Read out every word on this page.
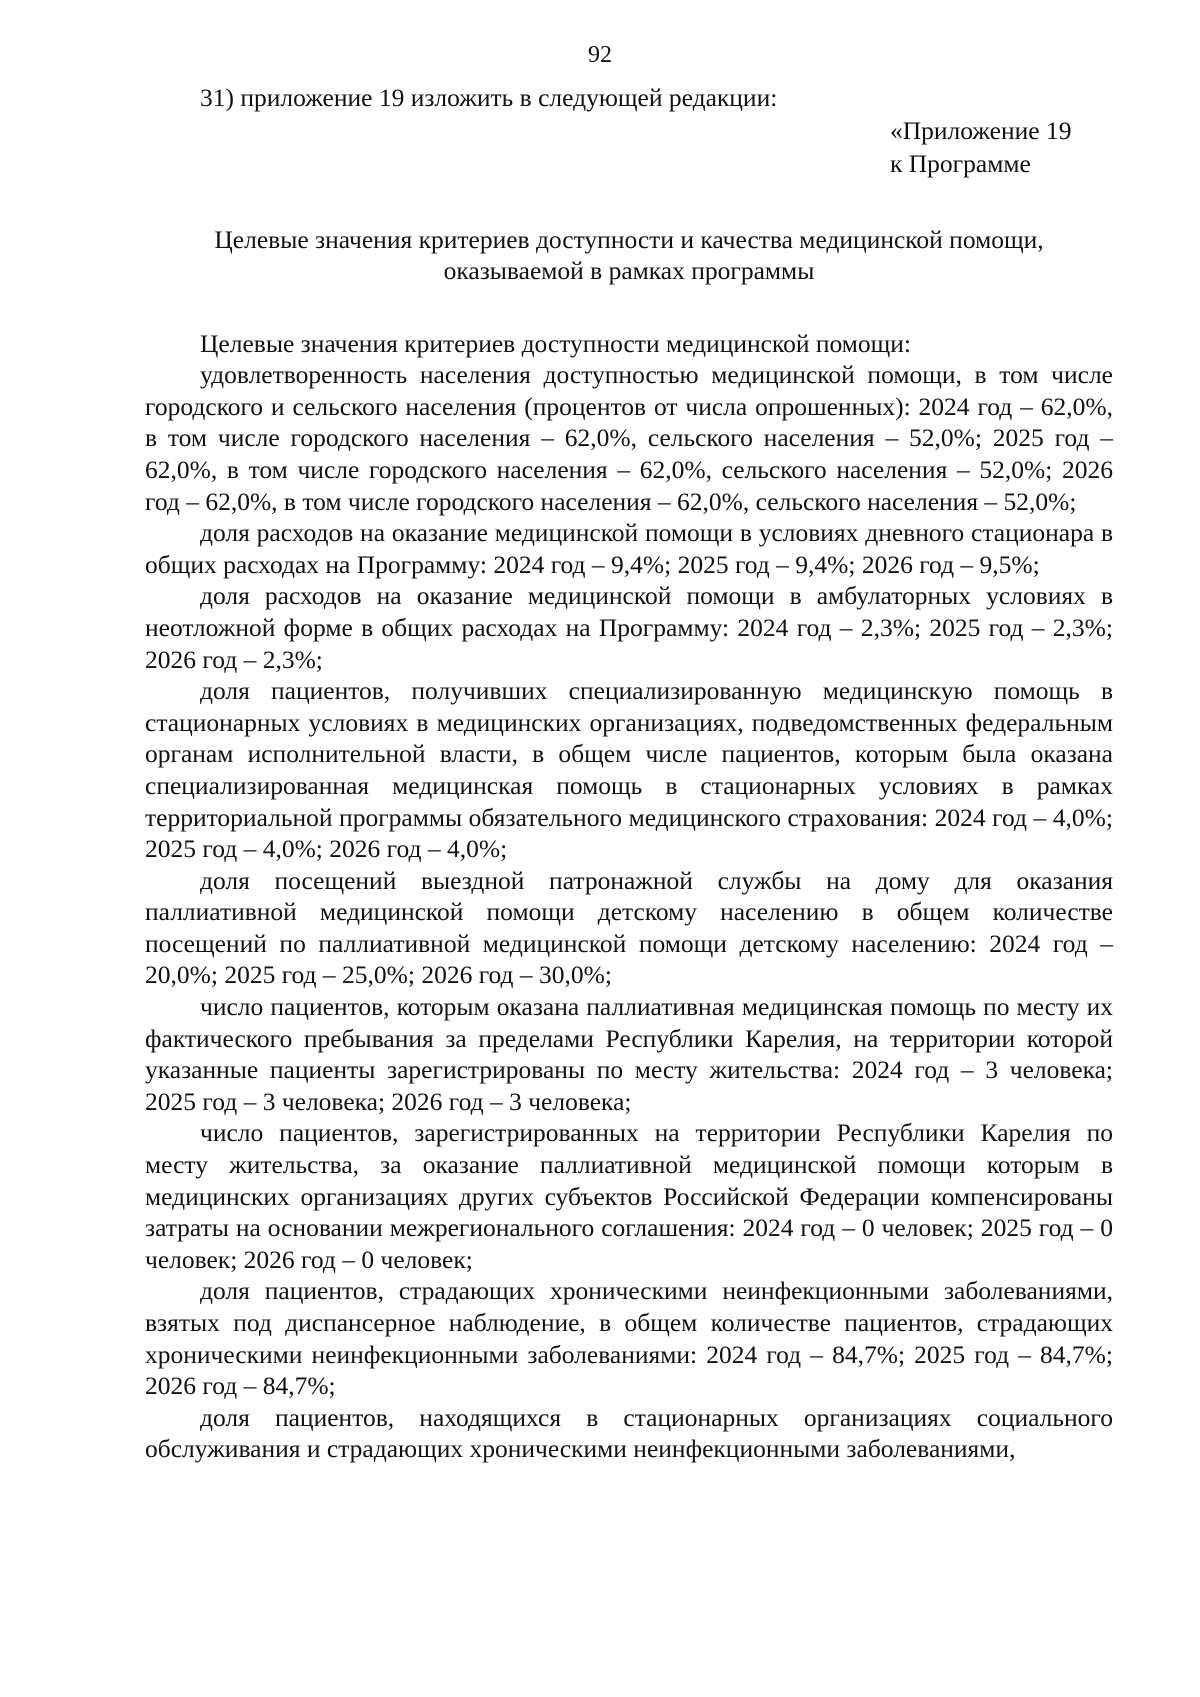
92

31) приложение 19 изложить в следующей редакции:

«Приложение 19
к Программе
Целевые значения критериев доступности и качества медицинской помощи,
оказываемой в рамках программы

Целевые значения критериев доступности медицинской помощи:

удовлетворенность населения доступностью медицинской помощи, в том числе городского и сельского населения (процентов от числа опрошенных): 2024 год – 62,0%, в том числе городского населения – 62,0%, сельского населения – 52,0%; 2025 год – 62,0%, в том числе городского населения – 62,0%, сельского населения – 52,0%; 2026 год – 62,0%, в том числе городского населения – 62,0%, сельского населения – 52,0%;

доля расходов на оказание медицинской помощи в условиях дневного стационара в общих расходах на Программу: 2024 год – 9,4%; 2025 год – 9,4%; 2026 год – 9,5%;

доля расходов на оказание медицинской помощи в амбулаторных условиях в неотложной форме в общих расходах на Программу: 2024 год – 2,3%; 2025 год – 2,3%; 2026 год – 2,3%;

доля пациентов, получивших специализированную медицинскую помощь в стационарных условиях в медицинских организациях, подведомственных федеральным органам исполнительной власти, в общем числе пациентов, которым была оказана специализированная медицинская помощь в стационарных условиях в рамках территориальной программы обязательного медицинского страхования: 2024 год – 4,0%; 2025 год – 4,0%; 2026 год – 4,0%;

доля посещений выездной патронажной службы на дому для оказания паллиативной медицинской помощи детскому населению в общем количестве посещений по паллиативной медицинской помощи детскому населению: 2024 год – 20,0%; 2025 год – 25,0%; 2026 год – 30,0%;

число пациентов, которым оказана паллиативная медицинская помощь по месту их фактического пребывания за пределами Республики Карелия, на территории которой указанные пациенты зарегистрированы по месту жительства: 2024 год – 3 человека; 2025 год – 3 человека; 2026 год – 3 человека;

число пациентов, зарегистрированных на территории Республики Карелия по месту жительства, за оказание паллиативной медицинской помощи которым в медицинских организациях других субъектов Российской Федерации компенсированы затраты на основании межрегионального соглашения: 2024 год – 0 человек; 2025 год – 0 человек; 2026 год – 0 человек;

доля пациентов, страдающих хроническими неинфекционными заболеваниями, взятых под диспансерное наблюдение, в общем количестве пациентов, страдающих хроническими неинфекционными заболеваниями: 2024 год – 84,7%; 2025 год – 84,7%; 2026 год – 84,7%;

доля пациентов, находящихся в стационарных организациях социального обслуживания и страдающих хроническими неинфекционными заболеваниями,
